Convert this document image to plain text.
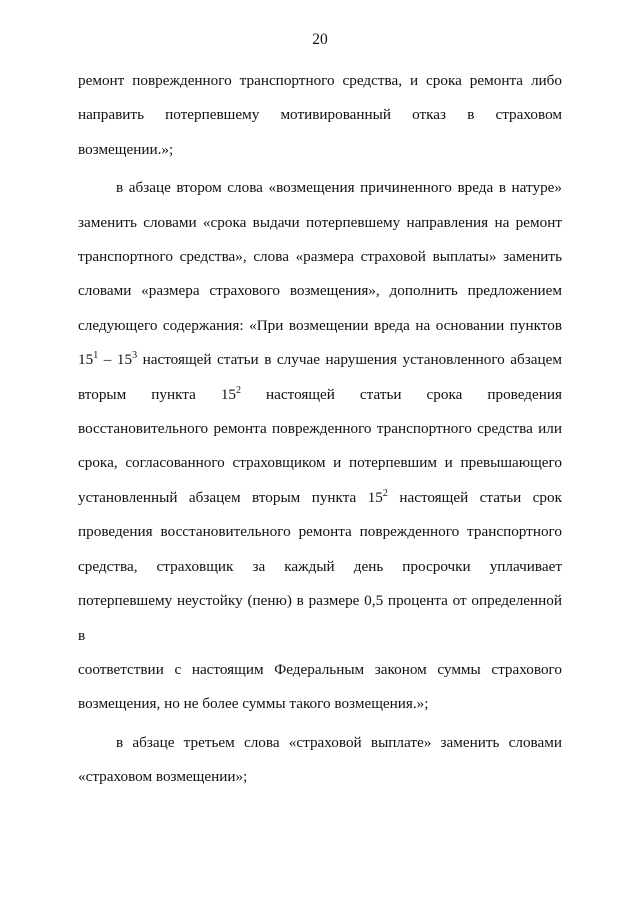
20
ремонт поврежденного транспортного средства, и срока ремонта либо
направить потерпевшему мотивированный отказ в страховом
возмещении.»;
в абзаце втором слова «возмещения причиненного вреда в натуре»
заменить словами «срока выдачи потерпевшему направления на ремонт
транспортного средства», слова «размера страховой выплаты» заменить
словами «размера страхового возмещения», дополнить предложением
следующего содержания: «При возмещении вреда на основании пунктов
$15^1 - 15^3$ настоящей статьи в случае нарушения установленного абзацем
вторым пункта $15^2$ настоящей статьи срока проведения
восстановительного ремонта поврежденного транспортного средства или
срока, согласованного страховщиком и потерпевшим и превышающего
установленный абзацем вторым пункта $15^2$ настоящей статьи срок
проведения восстановительного ремонта поврежденного транспортного
средства, страховщик за каждый день просрочки уплачивает
потерпевшему неустойку (пеню) в размере 0,5 процента от определенной в
соответствии с настоящим Федеральным законом суммы страхового
возмещения, но не более суммы такого возмещения.»;
в абзаце третьем слова «страховой выплате» заменить словами
«страховом возмещении»;
